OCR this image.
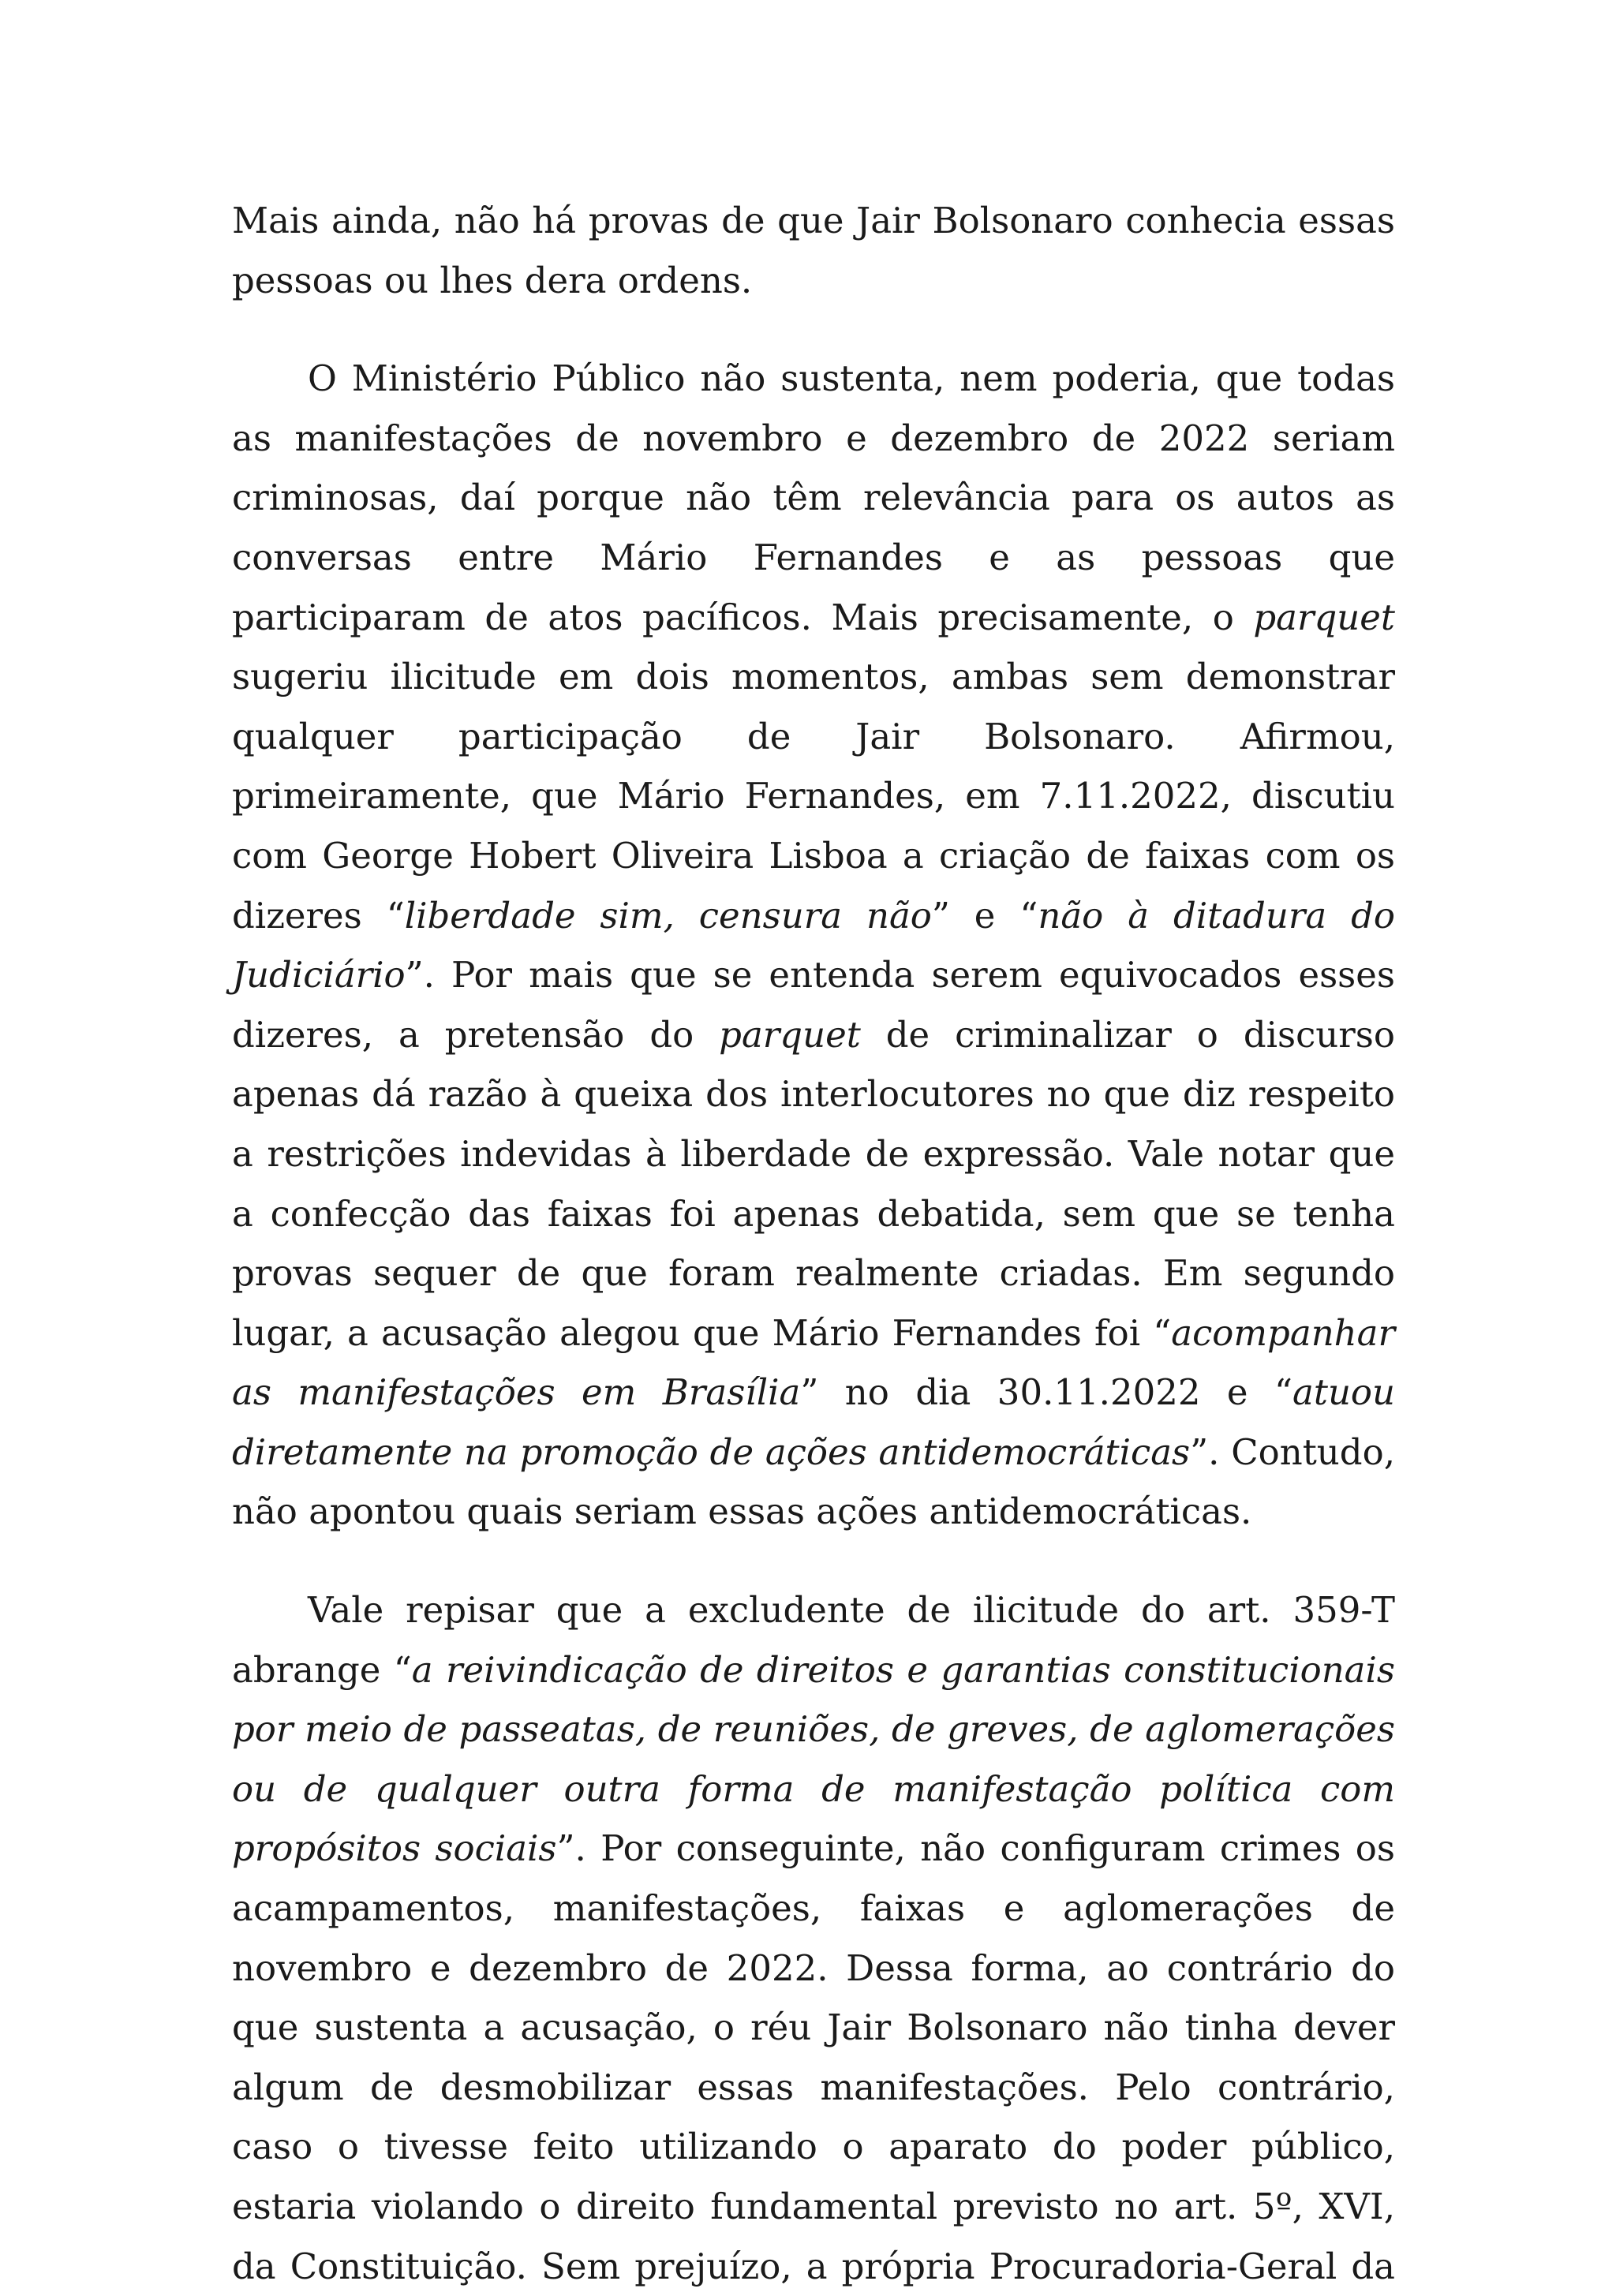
Mais ainda, não há provas de que Jair Bolsonaro conhecia essas pessoas ou lhes dera ordens.

O Ministério Público não sustenta, nem poderia, que todas as manifestações de novembro e dezembro de 2022 seriam criminosas, daí porque não têm relevância para os autos as conversas entre Mário Fernandes e as pessoas que participaram de atos pacíficos. Mais precisamente, o parquet sugeriu ilicitude em dois momentos, ambas sem demonstrar qualquer participação de Jair Bolsonaro. Afirmou, primeiramente, que Mário Fernandes, em 7.11.2022, discutiu com George Hobert Oliveira Lisboa a criação de faixas com os dizeres “liberdade sim, censura não” e “não à ditadura do Judiciário”. Por mais que se entenda serem equivocados esses dizeres, a pretensão do parquet de criminalizar o discurso apenas dá razão à queixa dos interlocutores no que diz respeito a restrições indevidas à liberdade de expressão. Vale notar que a confecção das faixas foi apenas debatida, sem que se tenha provas sequer de que foram realmente criadas. Em segundo lugar, a acusação alegou que Mário Fernandes foi “acompanhar as manifestações em Brasília” no dia 30.11.2022 e “atuou diretamente na promoção de ações antidemocráticas”. Contudo, não apontou quais seriam essas ações antidemocráticas.

Vale repisar que a excludente de ilicitude do art. 359-T abrange “a reivindicação de direitos e garantias constitucionais por meio de passeatas, de reuniões, de greves, de aglomerações ou de qualquer outra forma de manifestação política com propósitos sociais”. Por conseguinte, não configuram crimes os acampamentos, manifestações, faixas e aglomerações de novembro e dezembro de 2022. Dessa forma, ao contrário do que sustenta a acusação, o réu Jair Bolsonaro não tinha dever algum de desmobilizar essas manifestações. Pelo contrário, caso o tivesse feito utilizando o aparato do poder público, estaria violando o direito fundamental previsto no art. 5º, XVI, da Constituição. Sem prejuízo, a própria Procuradoria-Geral da
